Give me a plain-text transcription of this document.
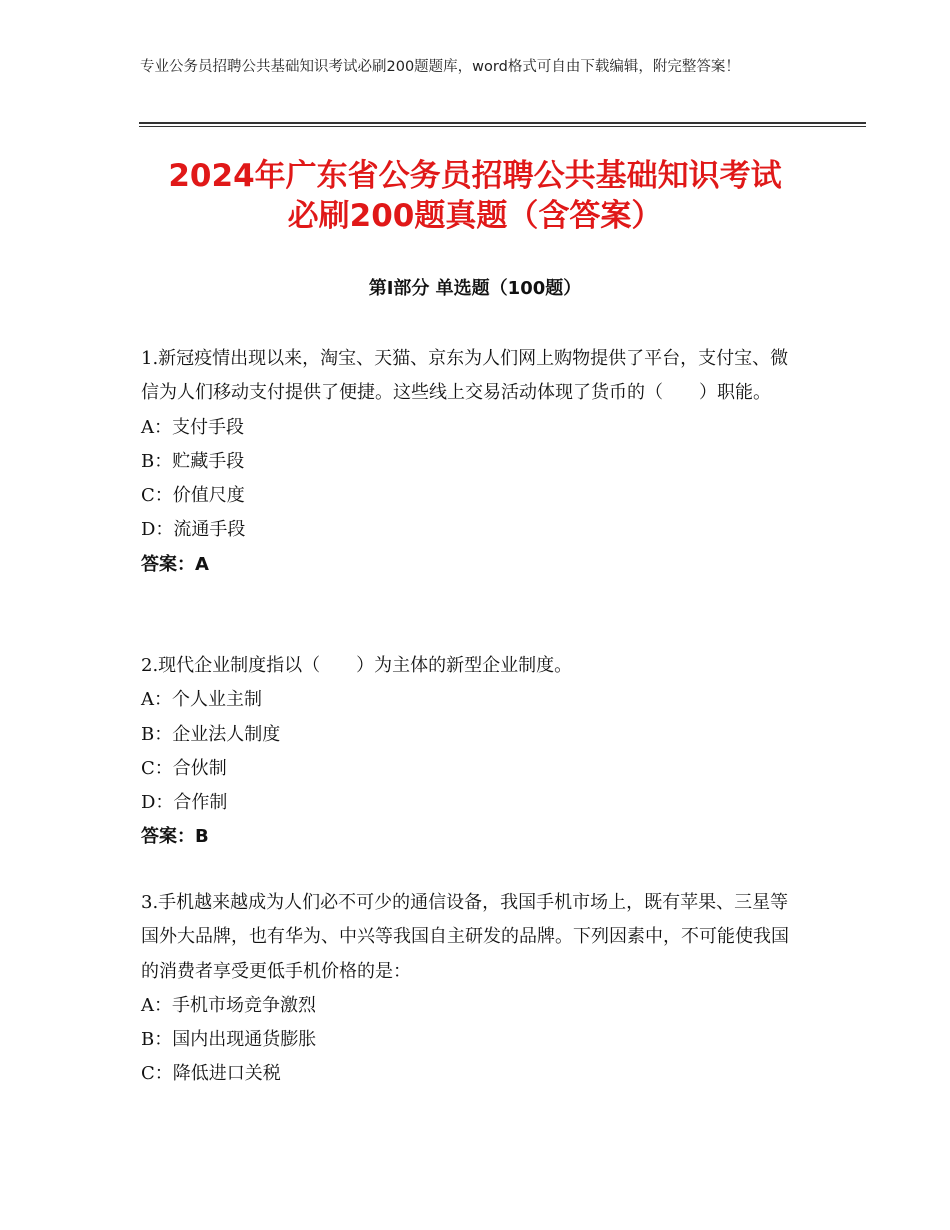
专业公务员招聘公共基础知识考试必刷200题题库，word格式可自由下载编辑，附完整答案！
2024年广东省公务员招聘公共基础知识考试
必刷200题真题（含答案）
第Ⅰ部分 单选题（100题）

1.新冠疫情出现以来，淘宝、天猫、京东为人们网上购物提供了平台，支付宝、微信为人们移动支付提供了便捷。这些线上交易活动体现了货币的（　　）职能。

A：支付手段

B：贮藏手段

C：价值尺度

D：流通手段

答案：A

2.现代企业制度指以（　　）为主体的新型企业制度。

A：个人业主制

B：企业法人制度

C：合伙制

D：合作制

答案：B

3.手机越来越成为人们必不可少的通信设备，我国手机市场上，既有苹果、三星等国外大品牌，也有华为、中兴等我国自主研发的品牌。下列因素中，不可能使我国的消费者享受更低手机价格的是：

A：手机市场竞争激烈

B：国内出现通货膨胀

C：降低进口关税
